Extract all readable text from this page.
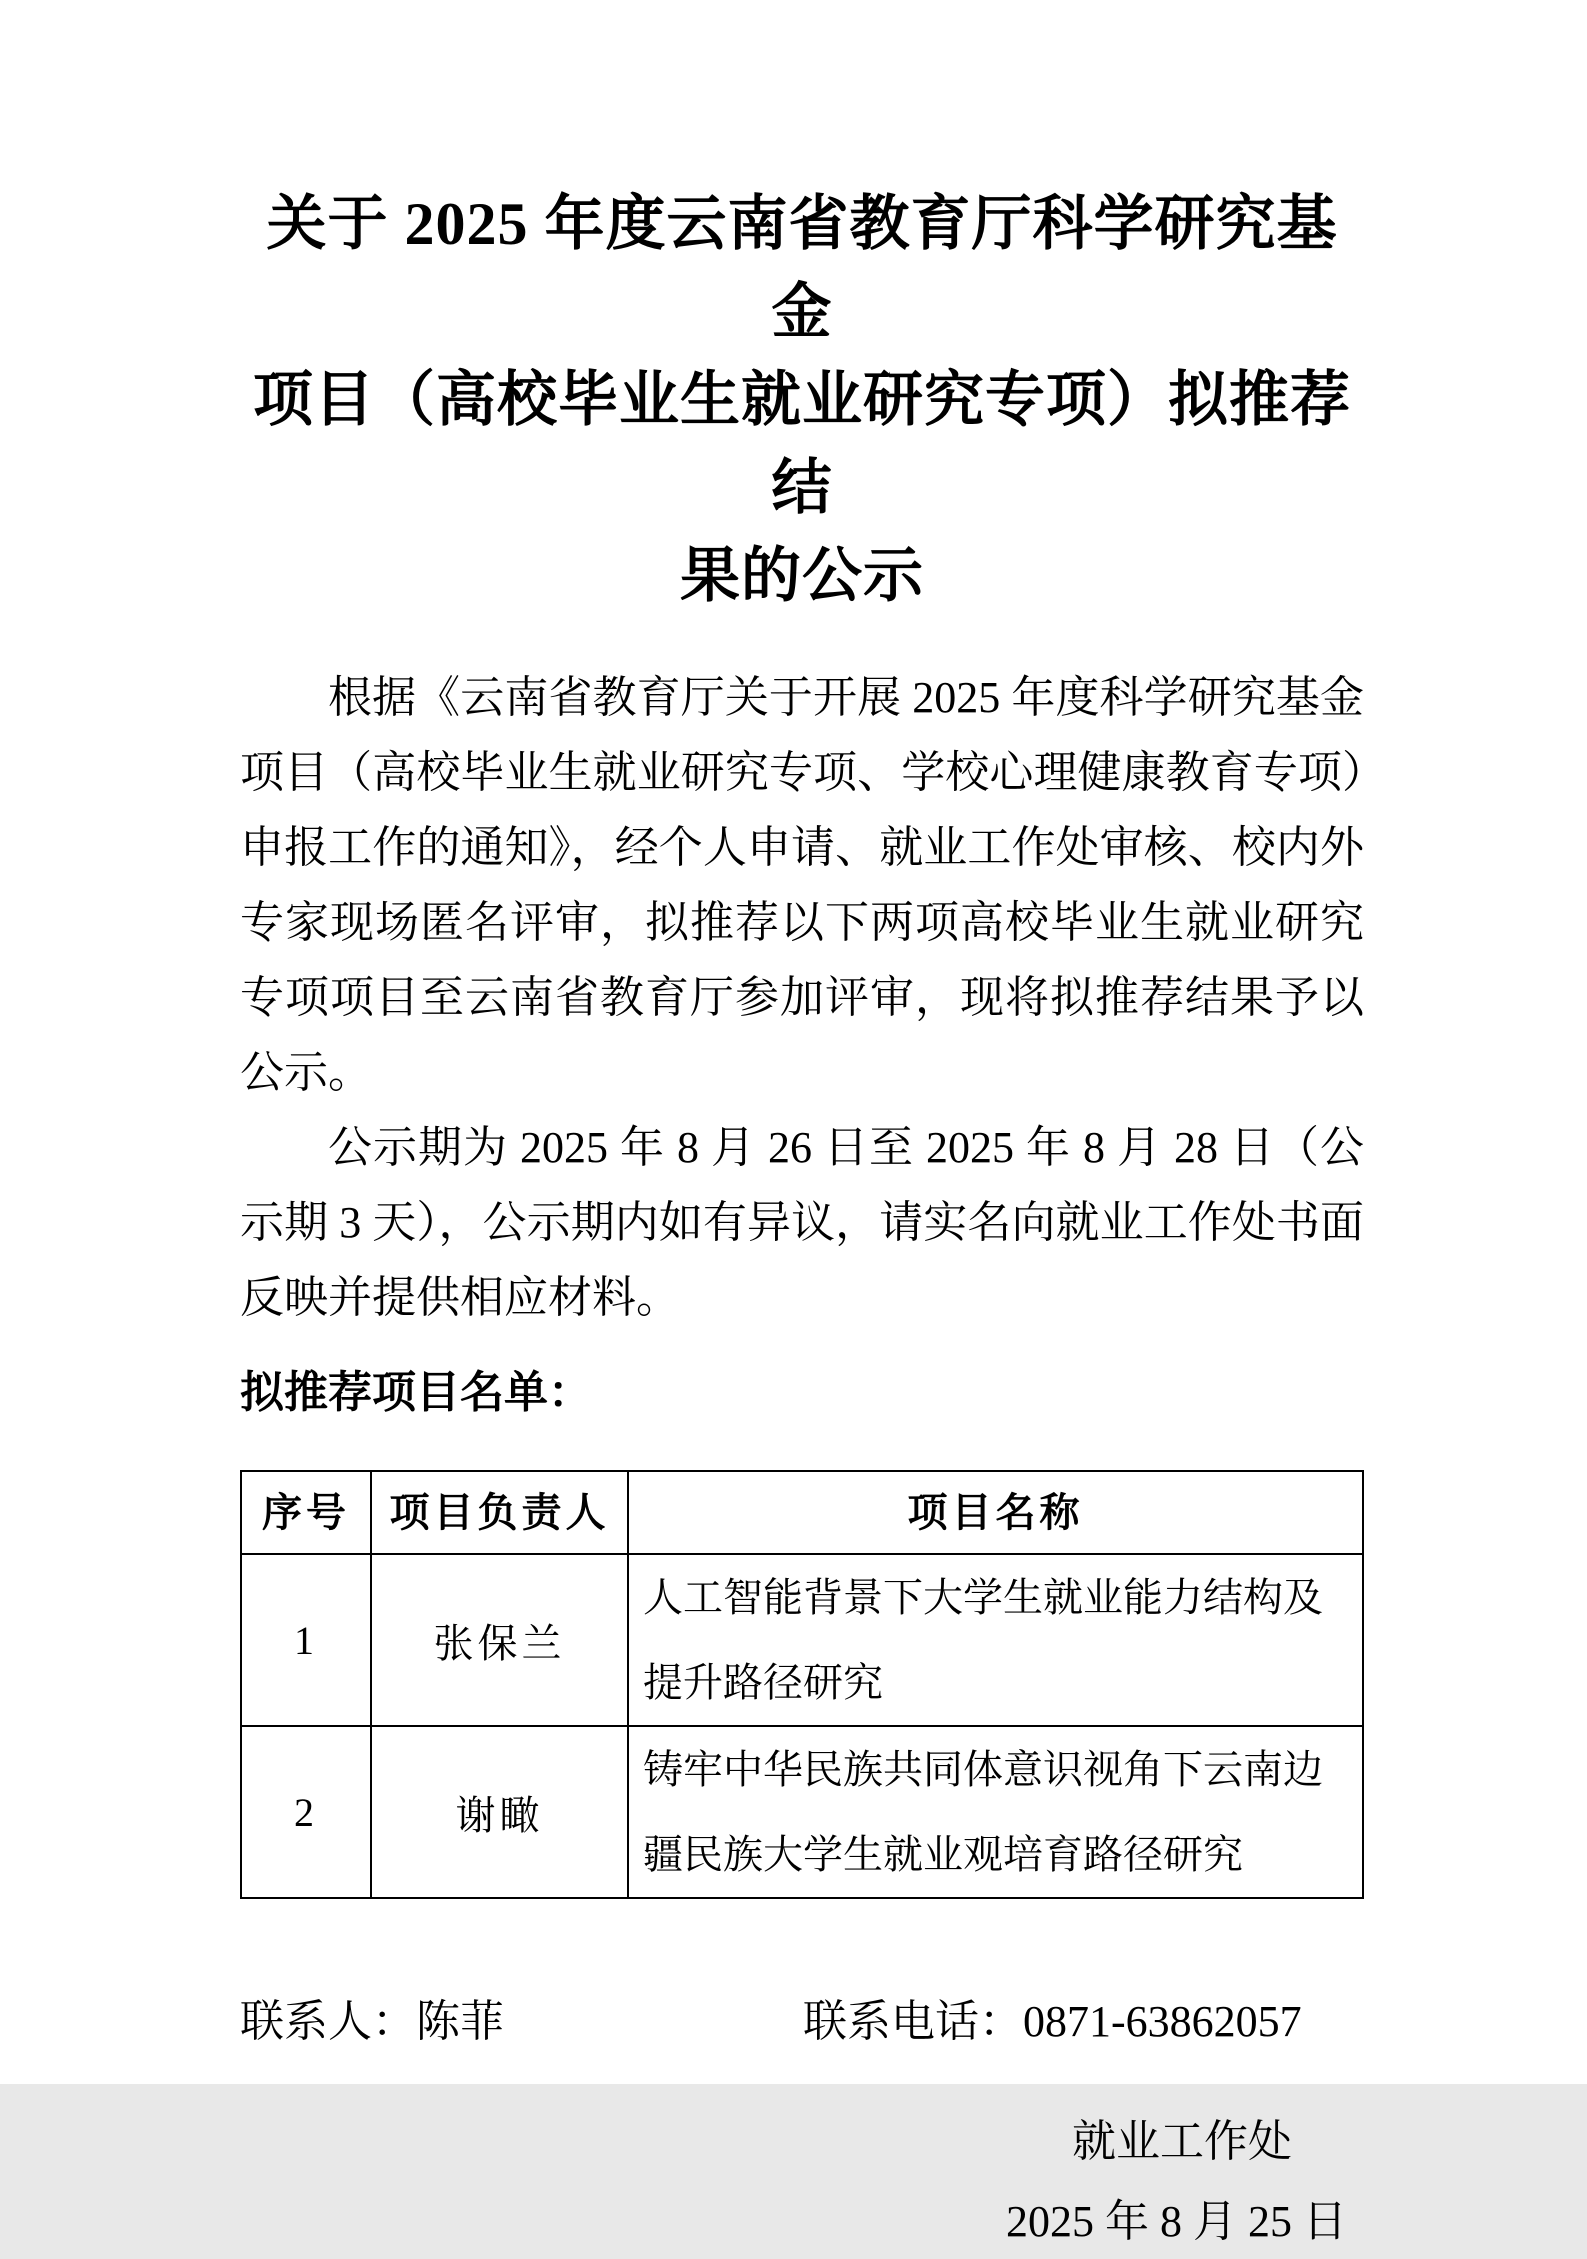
关于 2025 年度云南省教育厅科学研究基金
项目（高校毕业生就业研究专项）拟推荐结
果的公示

根据《云南省教育厅关于开展 2025 年度科学研究基金项目（高校毕业生就业研究专项、学校心理健康教育专项）申报工作的通知》，经个人申请、就业工作处审核、校内外专家现场匿名评审，拟推荐以下两项高校毕业生就业研究专项项目至云南省教育厅参加评审，现将拟推荐结果予以公示。

公示期为 2025 年 8 月 26 日至 2025 年 8 月 28 日（公示期 3 天），公示期内如有异议，请实名向就业工作处书面反映并提供相应材料。

拟推荐项目名单：
序号	项目负责人	项目名称
1	张保兰	人工智能背景下大学生就业能力结构及提升路径研究
2	谢瞰	铸牢中华民族共同体意识视角下云南边疆民族大学生就业观培育路径研究
联系人：陈菲	联系电话：0871-63862057
就业工作处
2025 年 8 月 25 日
